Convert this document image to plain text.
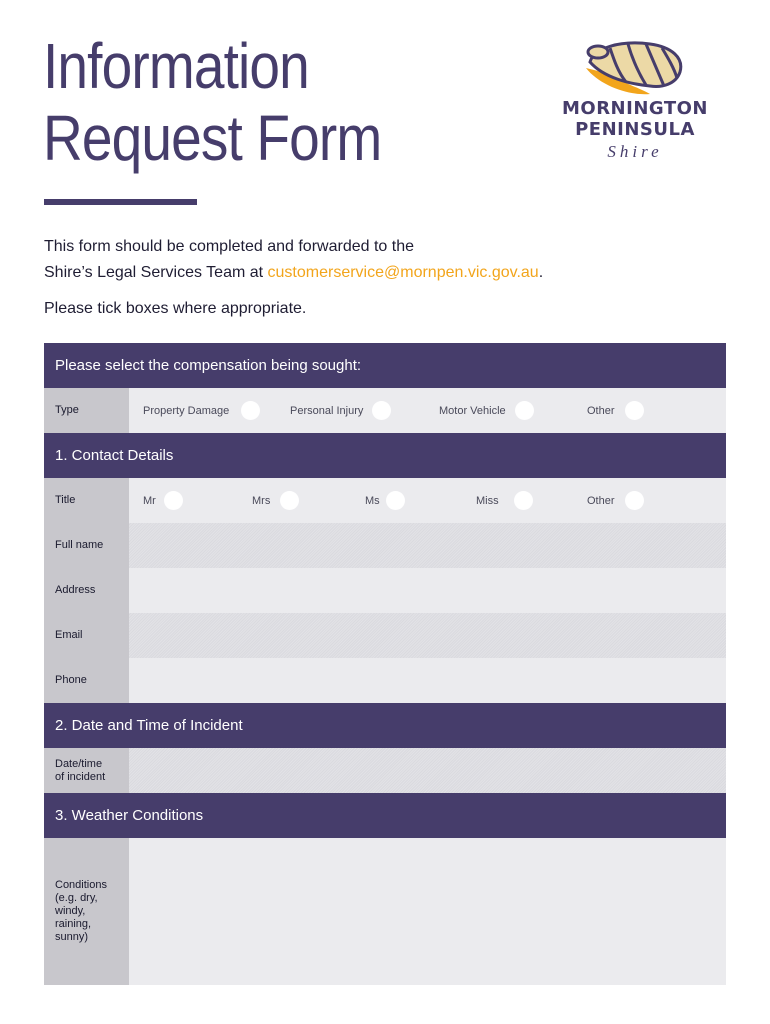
Information
Request Form	MORNINGTON
PENINSULA
Shire
This form should be completed and forwarded to the
Shire’s Legal Services Team at customerservice@mornpen.vic.gov.au.
Please tick boxes where appropriate.
Please select the compensation being sought:
Type	Property Damage	Personal Injury	Motor Vehicle	Other
1. Contact Details
Title	Mr	Mrs	Ms	Miss	Other
Full name
Address
Email
Phone
2. Date and Time of Incident
Date/time
of incident
3. Weather Conditions
Conditions
(e.g. dry,
windy,
raining,
sunny)
